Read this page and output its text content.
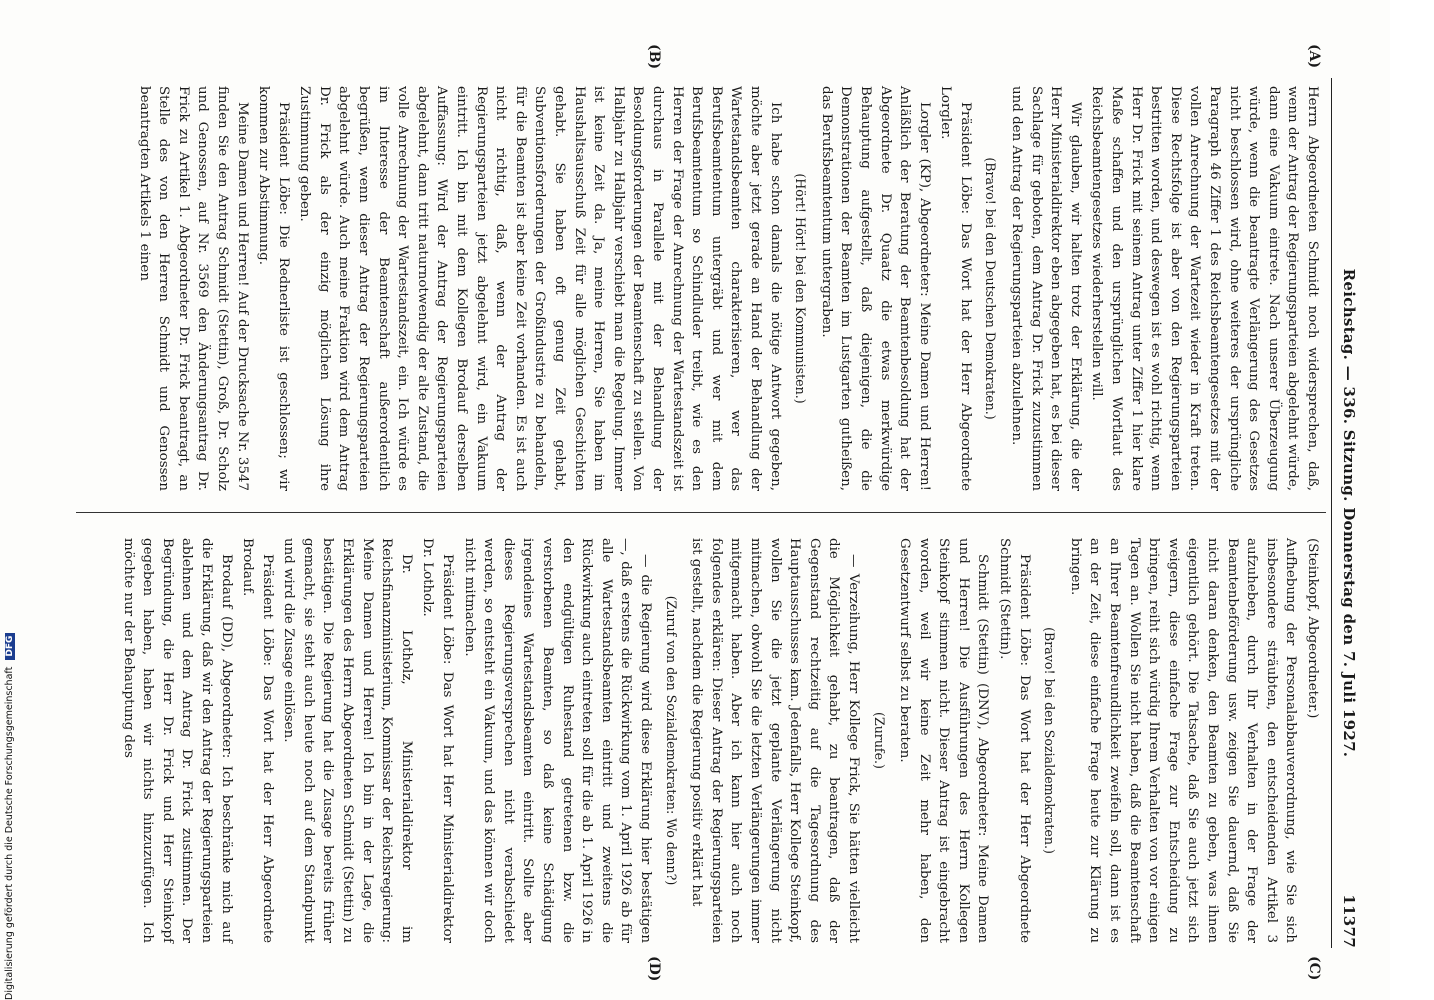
Reichstag. — 336. Sitzung. Donnerstag den 7. Juli 1927.
11377
(A)
(B)
(C)
(D)

(Steinkopf, Abgeordneter.)

Aufhebung der Personalabbauverordnung, wie Sie sich insbesondere sträubten, den entscheidenden Artikel 3 aufzuheben, durch Ihr Verhalten in der Frage der Beamtenbeförderung usw. zeigen Sie dauernd, daß Sie nicht daran denken, den Beamten zu geben, was ihnen eigentlich gehört. Die Tatsache, daß Sie auch jetzt sich weigern, diese einfache Frage zur Entscheidung zu bringen, reiht sich würdig Ihrem Verhalten von vor einigen Tagen an. Wollen Sie nicht haben, daß die Beamtenschaft an Ihrer Beamtenfreundlichkeit zweifeln soll, dann ist es an der Zeit, diese einfache Frage heute zur Klärung zu bringen.

(Bravo! bei den Sozialdemokraten.)

Präsident Löbe: Das Wort hat der Herr Abgeordnete Schmidt (Stettin).

Schmidt (Stettin) (DNV), Abgeordneter: Meine Damen und Herren! Die Ausführungen des Herrn Kollegen Steinkopf stimmen nicht. Dieser Antrag ist eingebracht worden, weil wir keine Zeit mehr haben, den Gesetzentwurf selbst zu beraten.

(Zurufe.)

— Verzeihung, Herr Kollege Frick, Sie hätten vielleicht die Möglichkeit gehabt, zu beantragen, daß der Gegenstand rechtzeitig auf die Tagesordnung des Hauptausschusses kam. Jedenfalls, Herr Kollege Steinkopf, wollen Sie die jetzt geplante Verlängerung nicht mitmachen, obwohl Sie die letzten Verlängerungen immer mitgemacht haben. Aber ich kann hier auch noch folgendes erklären: Dieser Antrag der Regierungsparteien ist gestellt, nachdem die Regierung positiv erklärt hat

(Zuruf von den Sozialdemokraten: Wo denn?)

— die Regierung wird diese Erklärung hier bestätigen —, daß erstens die Rückwirkung vom 1. April 1926 ab für alle Wartestandsbeamten eintritt und zweitens die Rückwirkung auch eintreten soll für die ab 1. April 1926 in den endgültigen Ruhestand getretenen bzw. die verstorbenen Beamten, so daß keine Schädigung irgendeines Wartestandsbeamten eintritt. Sollte aber dieses Regierungsversprechen nicht verabschiedet werden, so entsteht ein Vakuum, und das können wir doch nicht mitmachen.

Präsident Löbe: Das Wort hat Herr Ministerialdirektor Dr. Lotholz.

Dr. Lotholz, Ministerialdirektor im Reichsfinanzministerium, Kommissar der Reichsregierung: Meine Damen und Herren! Ich bin in der Lage, die Erklärungen des Herrn Abgeordneten Schmidt (Stettin) zu bestätigen. Die Regierung hat die Zusage bereits früher gemacht, sie steht auch heute noch auf dem Standpunkt und wird die Zusage einlösen.

Präsident Löbe: Das Wort hat der Herr Abgeordnete Brodauf.

Brodauf (DD), Abgeordneter: Ich beschränke mich auf die Erklärung, daß wir den Antrag der Regierungsparteien ablehnen und dem Antrag Dr. Frick zustimmen. Der Begründung, die Herr Dr. Frick und Herr Steinkopf gegeben haben, haben wir nichts hinzuzufügen. Ich möchte nur der Behauptung des

Herrn Abgeordneten Schmidt noch widersprechen, daß, wenn der Antrag der Regierungsparteien abgelehnt würde, dann eine Vakuum eintrete. Nach unserer Überzeugung würde, wenn die beantragte Verlängerung des Gesetzes nicht beschlossen wird, ohne weiteres der ursprüngliche Paragraph 46 Ziffer 1 des Reichsbeamtengesetzes mit der vollen Anrechnung der Wartezeit wieder in Kraft treten. Diese Rechtsfolge ist aber von den Regierungsparteien bestritten worden, und deswegen ist es wohl richtig, wenn Herr Dr. Frick mit seinem Antrag unter Ziffer 1 hier klare Maße schaffen und den ursprünglichen Wortlaut des Reichsbeamtengesetzes wiederherstellen will.

Wir glauben, wir halten trotz der Erklärung, die der Herr Ministerialdirektor eben abgegeben hat, es bei dieser Sachlage für geboten, dem Antrag Dr. Frick zuzustimmen und den Antrag der Regierungsparteien abzulehnen.

(Bravo! bei den Deutschen Demokraten.)

Präsident Löbe: Das Wort hat der Herr Abgeordnete Lorgler.

Lorgler (KP), Abgeordneter: Meine Damen und Herren! Anläßlich der Beratung der Beamtenbesoldung hat der Abgeordnete Dr. Quaatz die etwas merkwürdige Behauptung aufgestellt, daß diejenigen, die die Demonstrationen der Beamten im Lustgarten gutheißen, das Berufsbeamtentum untergraben.

(Hört! Hört! bei den Kommunisten.)

Ich habe schon damals die nötige Antwort gegeben, möchte aber jetzt gerade an Hand der Behandlung der Wartestandsbeamten charakterisieren, wer das Berufsbeamtentum untergräbt und wer mit dem Berufsbeamtentum so Schindluder treibt, wie es den Herren der Frage der Anrechnung der Wartestandszeit ist durchaus in Parallele mit der Behandlung der Besoldungsforderungen der Beamtenschaft zu stellen. Von Halbjahr zu Halbjahr verschiebt man die Regelung. Immer ist keine Zeit da. Ja, meine Herren, Sie haben im Haushaltsausschuß Zeit für alle möglichen Geschichten gehabt. Sie haben oft genug Zeit gehabt, Subventionsforderungen der Großindustrie zu behandeln, für die Beamten ist aber keine Zeit vorhanden. Es ist auch nicht richtig, daß, wenn der Antrag der Regierungsparteien jetzt abgelehnt wird, ein Vakuum eintritt. Ich bin mit dem Kollegen Brodauf derselben Auffassung: Wird der Antrag der Regierungsparteien abgelehnt, dann tritt naturnotwendig der alte Zustand, die volle Anrechnung der Wartestandszeit, ein. Ich würde es im Interesse der Beamtenschaft außerordentlich begrüßen, wenn dieser Antrag der Regierungsparteien abgelehnt würde. Auch meine Fraktion wird dem Antrag Dr. Frick als der einzig möglichen Lösung ihre Zustimmung geben.

Präsident Löbe: Die Rednerliste ist geschlossen; wir kommen zur Abstimmung.

Meine Damen und Herren! Auf der Drucksache Nr. 3547 finden Sie den Antrag Schmidt (Stettin), Groß, Dr. Scholz und Genossen, auf Nr. 3569 den Änderungsantrag Dr. Frick zu Artikel 1. Abgeordneter Dr. Frick beantragt, an Stelle des von den Herren Schmidt und Genossen beantragten Artikels 1 einen

Digitalisierung gefördert durch die Deutsche Forschungsgemeinschaft DFG
